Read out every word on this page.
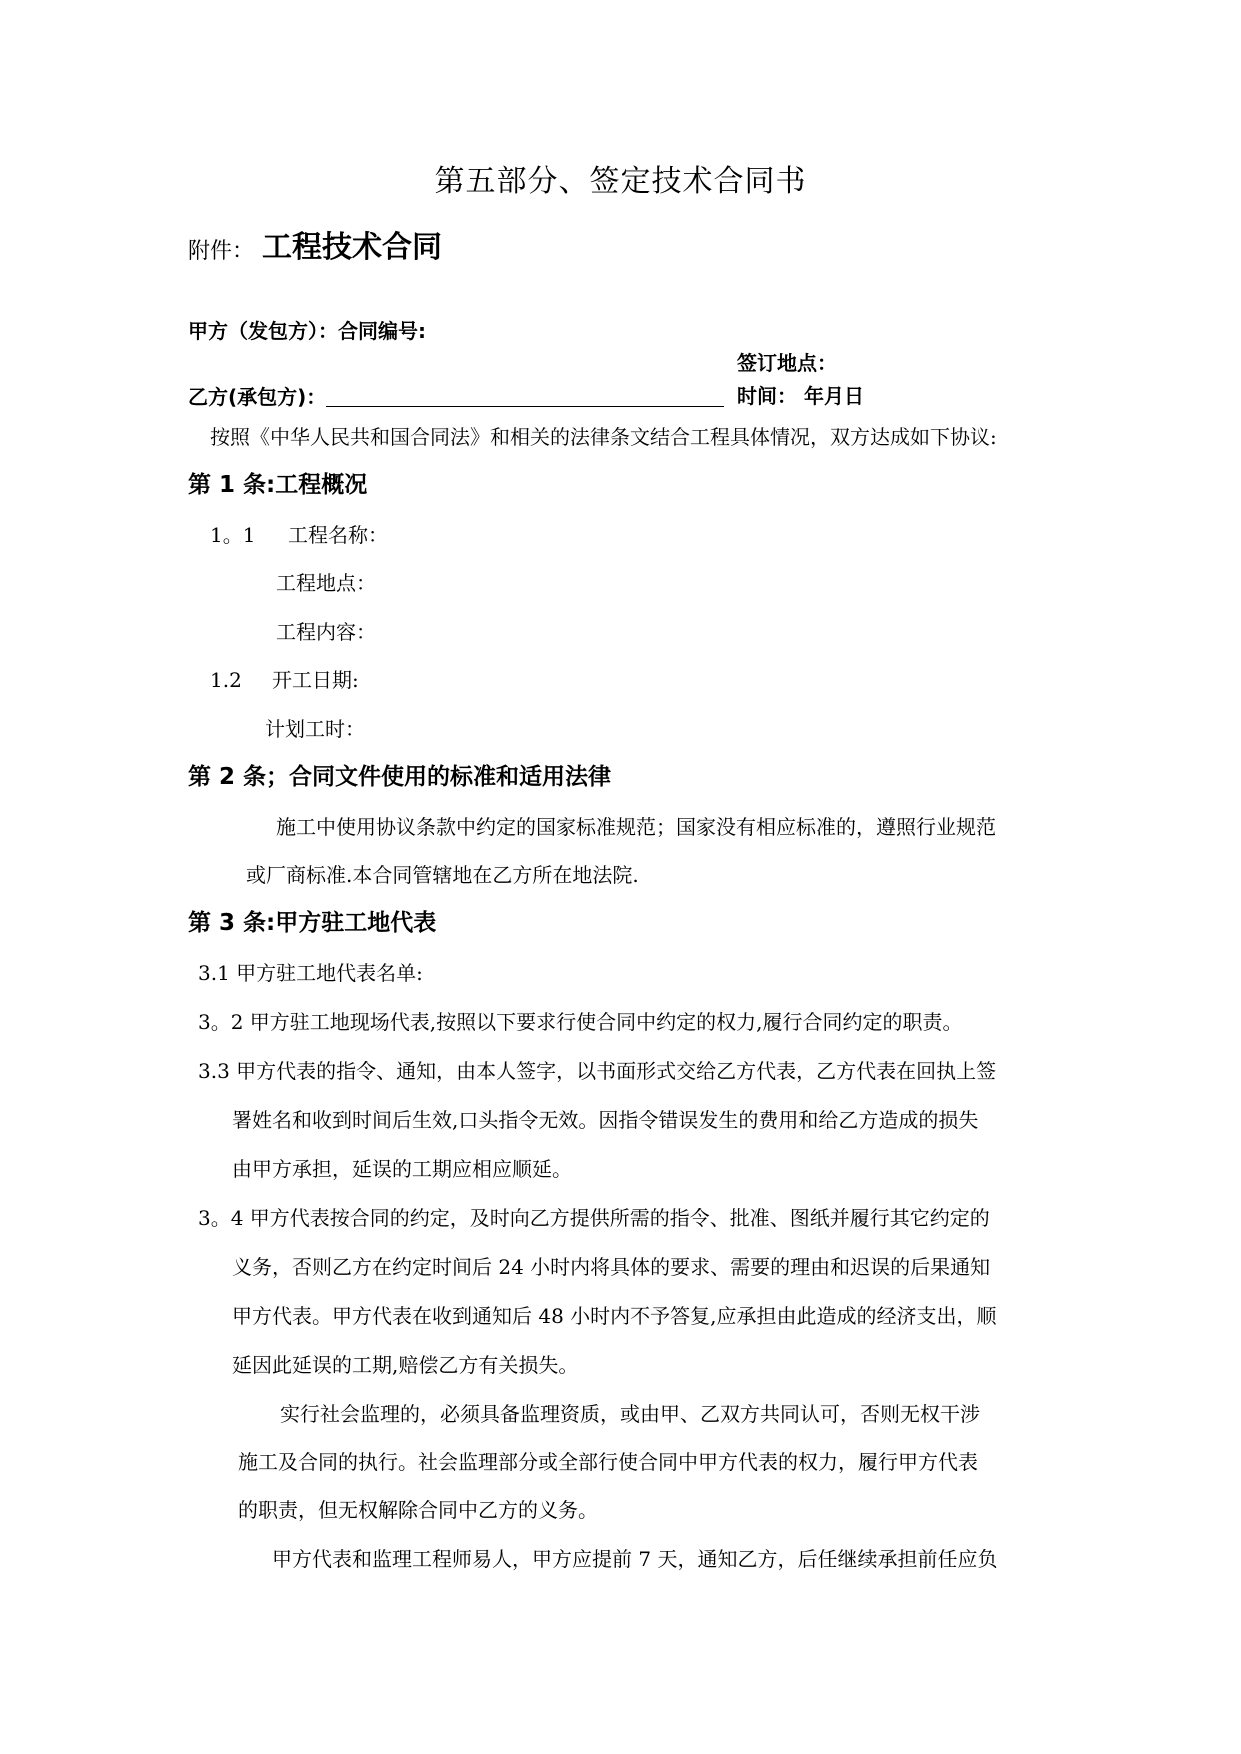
第五部分、签定技术合同书
附件： 工程技术合同
甲方（发包方）：合同编号:
签订地点：
乙方(承包方)：	时间： 年月日
按照《中华人民共和国合同法》和相关的法律条文结合工程具体情况，双方达成如下协议:
第 1 条:工程概况
1。1 工程名称：
工程地点：
工程内容：
1.2 开工日期:
计划工时：
第 2 条；合同文件使用的标准和适用法律
施工中使用协议条款中约定的国家标准规范；国家没有相应标准的，遵照行业规范
或厂商标准.本合同管辖地在乙方所在地法院.
第 3 条:甲方驻工地代表
3.1 甲方驻工地代表名单:
3。2 甲方驻工地现场代表,按照以下要求行使合同中约定的权力,履行合同约定的职责。
3.3 甲方代表的指令、通知，由本人签字，以书面形式交给乙方代表，乙方代表在回执上签
署姓名和收到时间后生效,口头指令无效。因指令错误发生的费用和给乙方造成的损失
由甲方承担，延误的工期应相应顺延。
3。4 甲方代表按合同的约定，及时向乙方提供所需的指令、批准、图纸并履行其它约定的
义务，否则乙方在约定时间后 24 小时内将具体的要求、需要的理由和迟误的后果通知
甲方代表。甲方代表在收到通知后 48 小时内不予答复,应承担由此造成的经济支出，顺
延因此延误的工期,赔偿乙方有关损失。
实行社会监理的，必须具备监理资质，或由甲、乙双方共同认可，否则无权干涉
施工及合同的执行。社会监理部分或全部行使合同中甲方代表的权力，履行甲方代表
的职责，但无权解除合同中乙方的义务。
甲方代表和监理工程师易人，甲方应提前 7 天，通知乙方，后任继续承担前任应负
